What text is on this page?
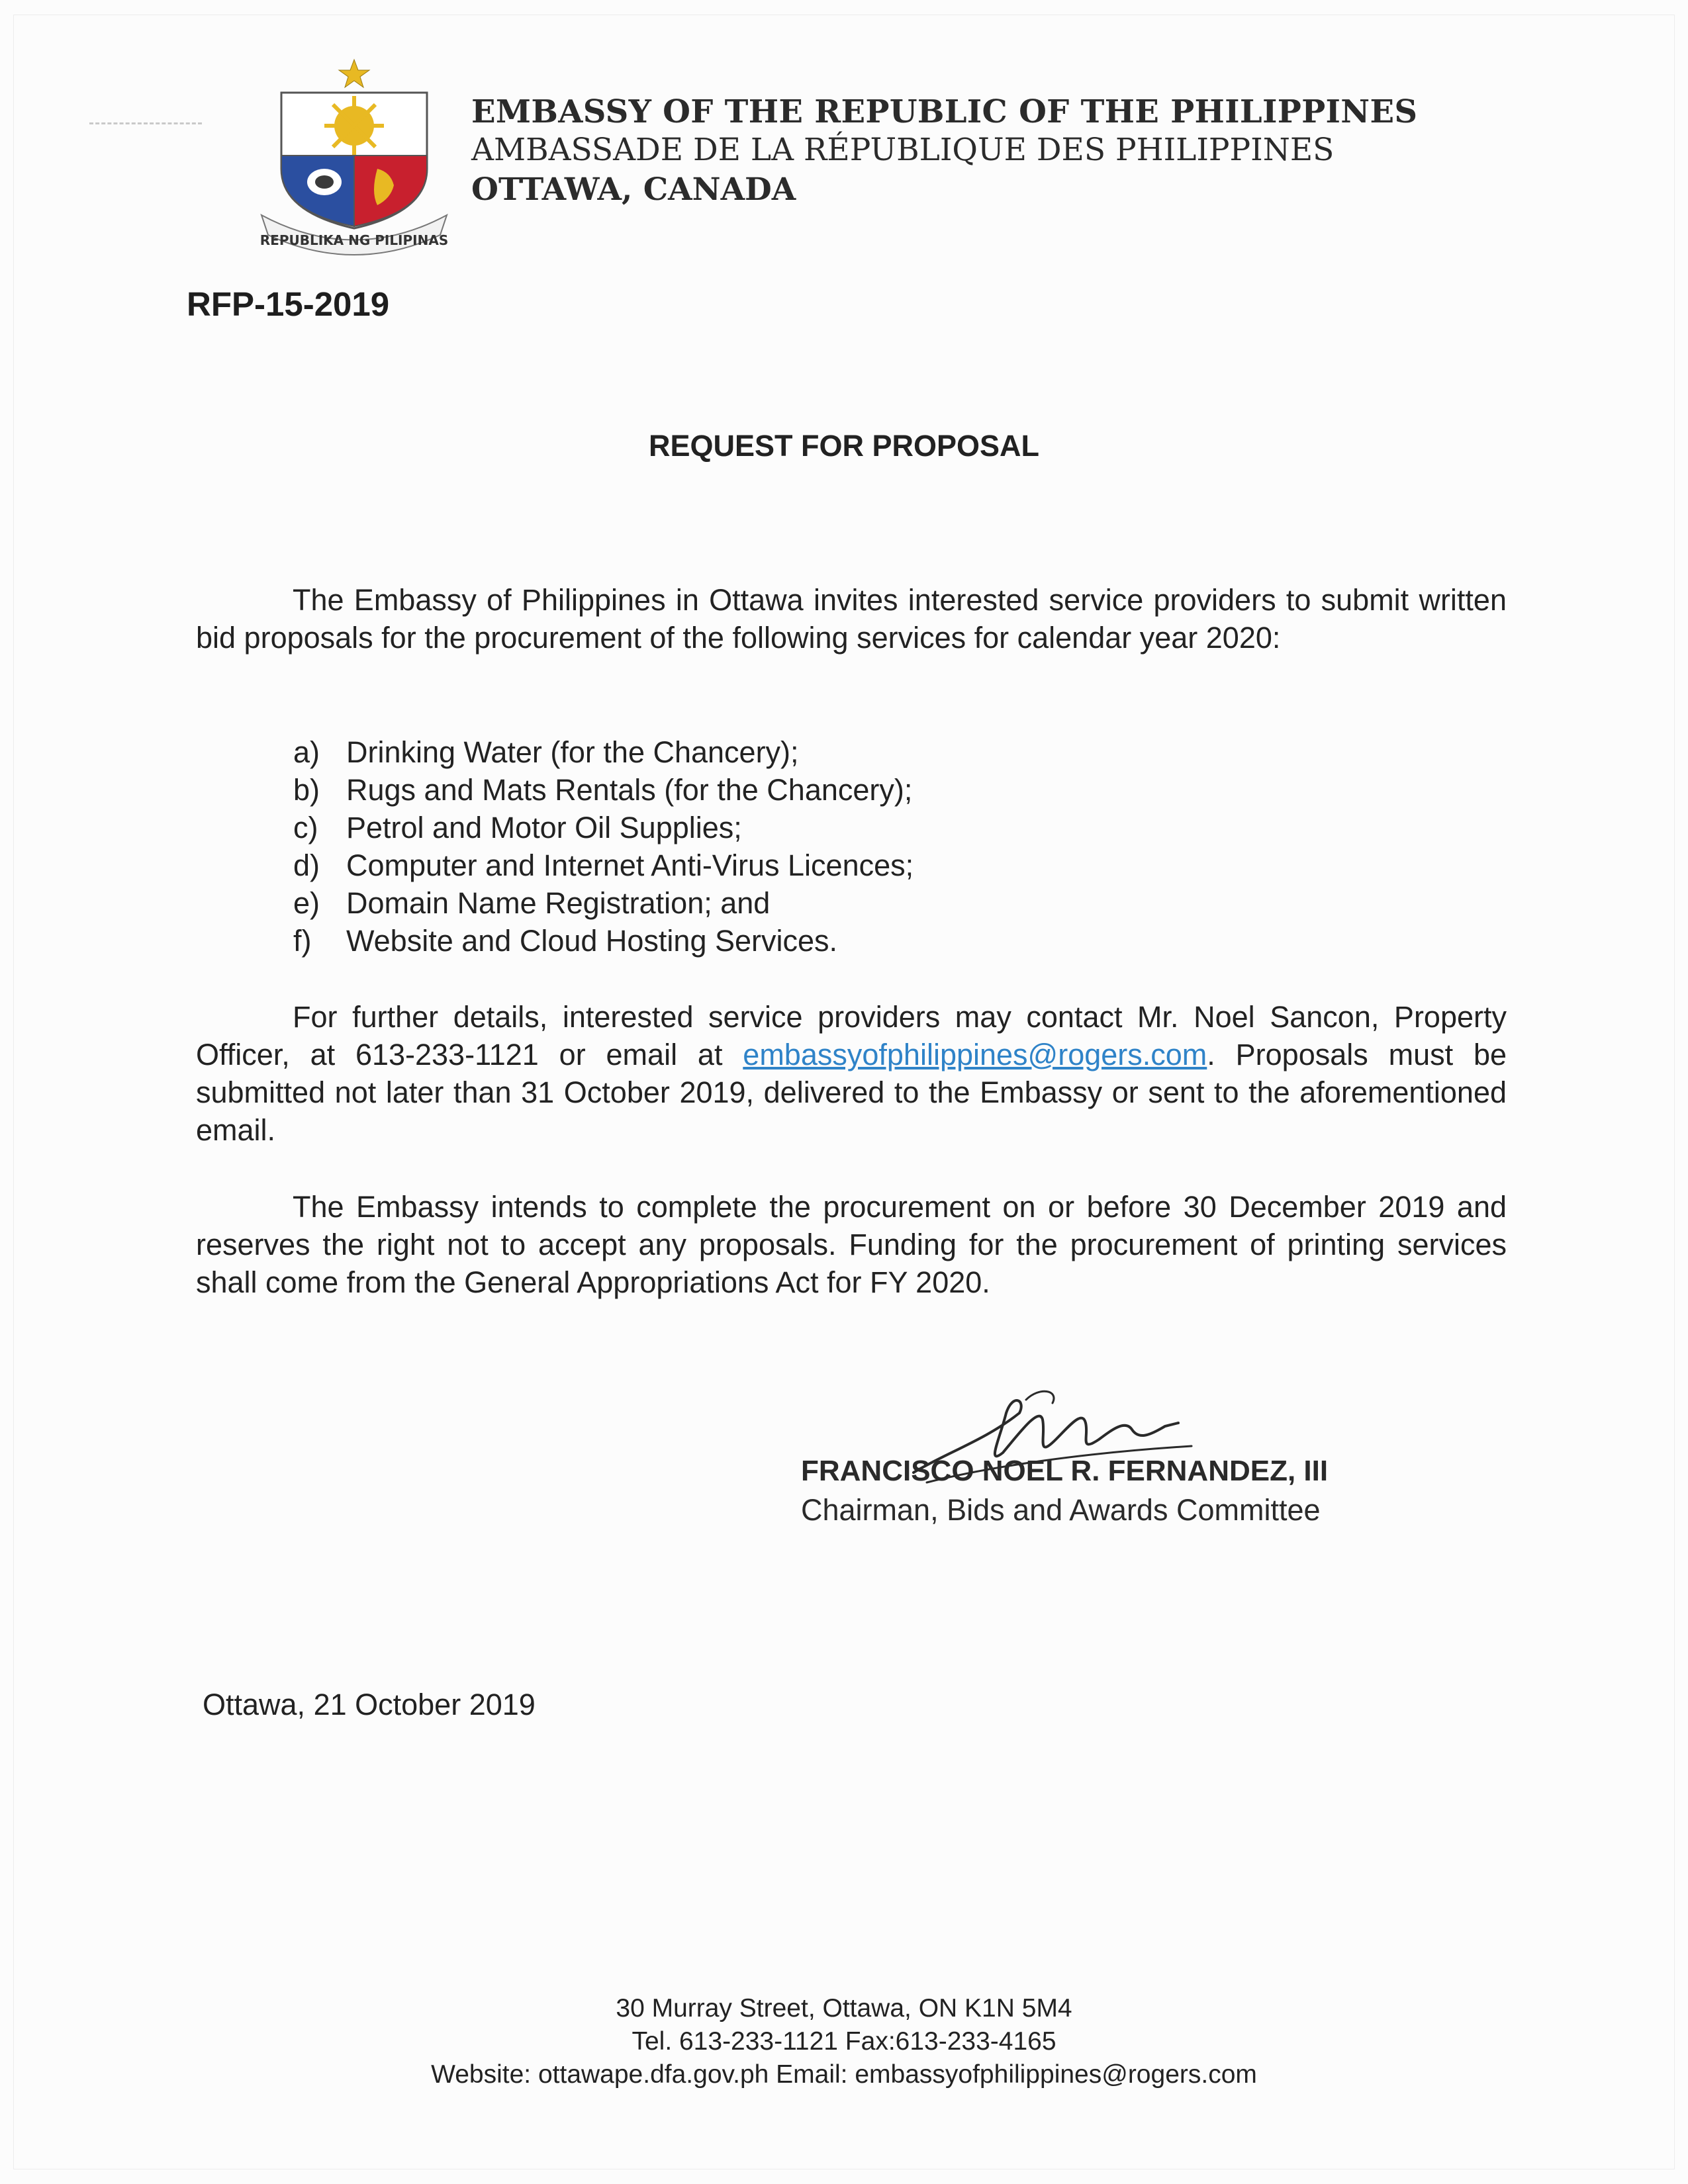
REPUBLIKA NG PILIPINAS
EMBASSY OF THE REPUBLIC OF THE PHILIPPINES
AMBASSADE DE LA RÉPUBLIQUE DES PHILIPPINES
OTTAWA, CANADA
RFP-15-2019
REQUEST FOR PROPOSAL
The Embassy of Philippines in Ottawa invites interested service providers to submit written bid proposals for the procurement of the following services for calendar year 2020:
a) Drinking Water (for the Chancery);
b) Rugs and Mats Rentals (for the Chancery);
c) Petrol and Motor Oil Supplies;
d) Computer and Internet Anti-Virus Licences;
e) Domain Name Registration; and
f)	Website and Cloud Hosting Services.
For further details, interested service providers may contact Mr. Noel Sancon, Property Officer, at 613-233-1121 or email at embassyofphilippines@rogers.com. Proposals must be submitted not later than 31 October 2019, delivered to the Embassy or sent to the aforementioned email.
The Embassy intends to complete the procurement on or before 30 December 2019 and reserves the right not to accept any proposals. Funding for the procurement of printing services shall come from the General Appropriations Act for FY 2020.
FRANCISCO NOEL R. FERNANDEZ, III
Chairman, Bids and Awards Committee
Ottawa, 21 October 2019
30 Murray Street, Ottawa, ON K1N 5M4
Tel. 613-233-1121 Fax:613-233-4165
Website: ottawape.dfa.gov.ph Email: embassyofphilippines@rogers.com
